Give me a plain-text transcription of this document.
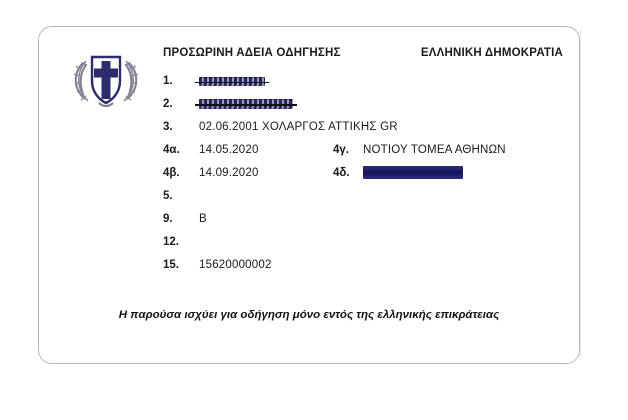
ΠΡΟΣΩΡΙΝΗ ΑΔΕΙΑ ΟΔΗΓΗΣΗΣ	ΕΛΛΗΝΙΚΗ ΔΗΜΟΚΡΑΤΙΑ
1.
2.
3. 02.06.2001 ΧΟΛΑΡΓΟΣ ΑΤΤΙΚΗΣ GR
4α. 14.05.2020	4γ. ΝΟΤΙΟΥ ΤΟΜΕΑ ΑΘΗΝΩΝ
4β. 14.09.2020	4δ.
5.
9. Β
12.
15. 15620000002
Η παρούσα ισχύει για οδήγηση μόνο εντός της ελληνικής επικράτειας
